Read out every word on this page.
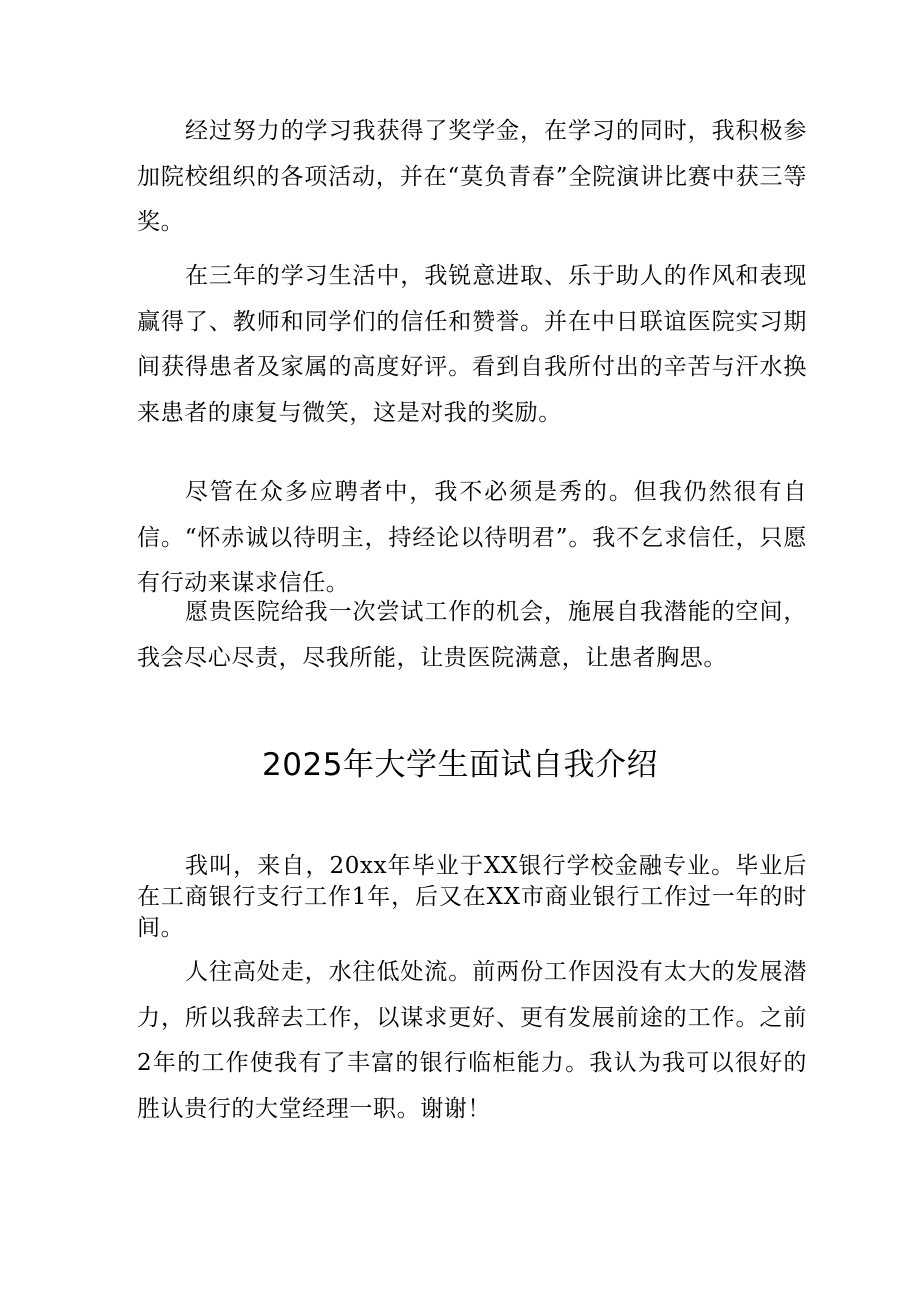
经过努力的学习我获得了奖学金，在学习的同时，我积极参加院校组织的各项活动，并在“莫负青春”全院演讲比赛中获三等奖。

在三年的学习生活中，我锐意进取、乐于助人的作风和表现赢得了、教师和同学们的信任和赞誉。并在中日联谊医院实习期间获得患者及家属的高度好评。看到自我所付出的辛苦与汗水换来患者的康复与微笑，这是对我的奖励。

尽管在众多应聘者中，我不必须是秀的。但我仍然很有自信。“怀赤诚以待明主，持经论以待明君”。我不乞求信任，只愿有行动来谋求信任。

愿贵医院给我一次尝试工作的机会，施展自我潜能的空间，我会尽心尽责，尽我所能，让贵医院满意，让患者胸思。

2025年大学生面试自我介绍

我叫，来自，20xx年毕业于XX银行学校金融专业。毕业后在工商银行支行工作1年，后又在XX市商业银行工作过一年的时间。

人往高处走，水往低处流。前两份工作因没有太大的发展潜力，所以我辞去工作，以谋求更好、更有发展前途的工作。之前2年的工作使我有了丰富的银行临柜能力。我认为我可以很好的胜认贵行的大堂经理一职。谢谢！
